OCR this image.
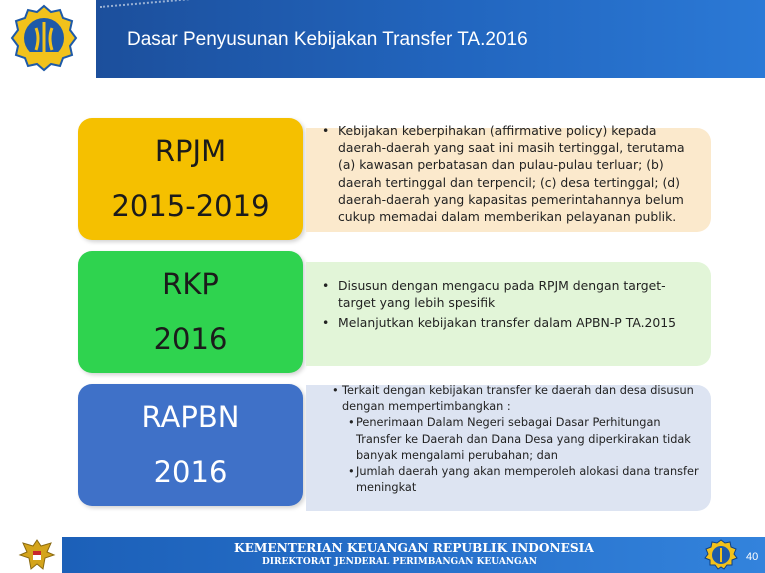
Dasar Penyusunan Kebijakan Transfer TA.2016
RPJM
2015-2019
• Kebijakan keberpihakan (affirmative policy) kepada daerah-daerah yang saat ini masih tertinggal, terutama (a) kawasan perbatasan dan pulau-pulau terluar; (b) daerah tertinggal dan terpencil; (c) desa tertinggal; (d) daerah-daerah yang kapasitas pemerintahannya belum cukup memadai dalam memberikan pelayanan publik.
RKP
2016
• Disusun dengan mengacu pada RPJM dengan target-target yang lebih spesifik
• Melanjutkan kebijakan transfer dalam APBN-P TA.2015
RAPBN
2016
• Terkait dengan kebijakan transfer ke daerah dan desa disusun dengan mempertimbangkan :
• Penerimaan Dalam Negeri sebagai Dasar Perhitungan Transfer ke Daerah dan Dana Desa yang diperkirakan tidak banyak mengalami perubahan; dan
• Jumlah daerah yang akan memperoleh alokasi dana transfer meningkat
KEMENTERIAN KEUANGAN REPUBLIK INDONESIA
DIREKTORAT JENDERAL PERIMBANGAN KEUANGAN	40
